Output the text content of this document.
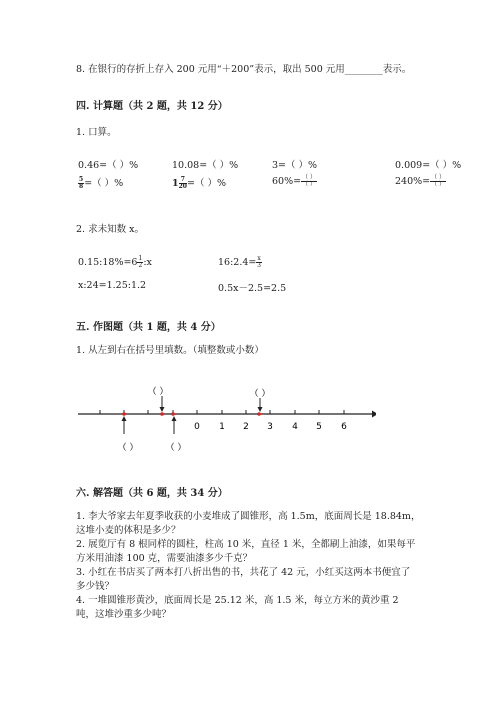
8. 在银行的存折上存入 200 元用“＋200”表示，取出 500 元用________表示。
四. 计算题（共 2 题，共 12 分）
1. 口算。
0.46=（ ）%	10.08=（ ）%	3=（ ）%	0.009=（ ）%
$\frac{5}{8}$ =（ ）%	$1 \frac{7}{20}$ =（ ）%	$60\%= \frac{( )}{( )}$	$240\%= \frac{( )}{( )}$
2. 求未知数 x。
0.15:18%=6 $\frac{1}{2}$ :x	16:2.4= $\frac{x}{3}$
x:24=1.25:1.2	0.5x－2.5=2.5
五. 作图题（共 1 题，共 4 分）
1. 从左到右在括号里填数。（填整数或小数）
0 1 2 3 4 5 6
（ ）	（ ）
（ ）	（ ）
六. 解答题（共 6 题，共 34 分）
1. 李大爷家去年夏季收获的小麦堆成了圆锥形，高 1.5m，底面周长是 18.84m，
这堆小麦的体积是多少？
2. 展览厅有 8 根同样的圆柱，柱高 10 米，直径 1 米，全都刷上油漆，如果每平
方米用油漆 100 克，需要油漆多少千克？
3. 小红在书店买了两本打八折出售的书，共花了 42 元，小红买这两本书便宜了
多少钱？
4. 一堆圆锥形黄沙，底面周长是 25.12 米，高 1.5 米，每立方米的黄沙重 2
吨，这堆沙重多少吨？
